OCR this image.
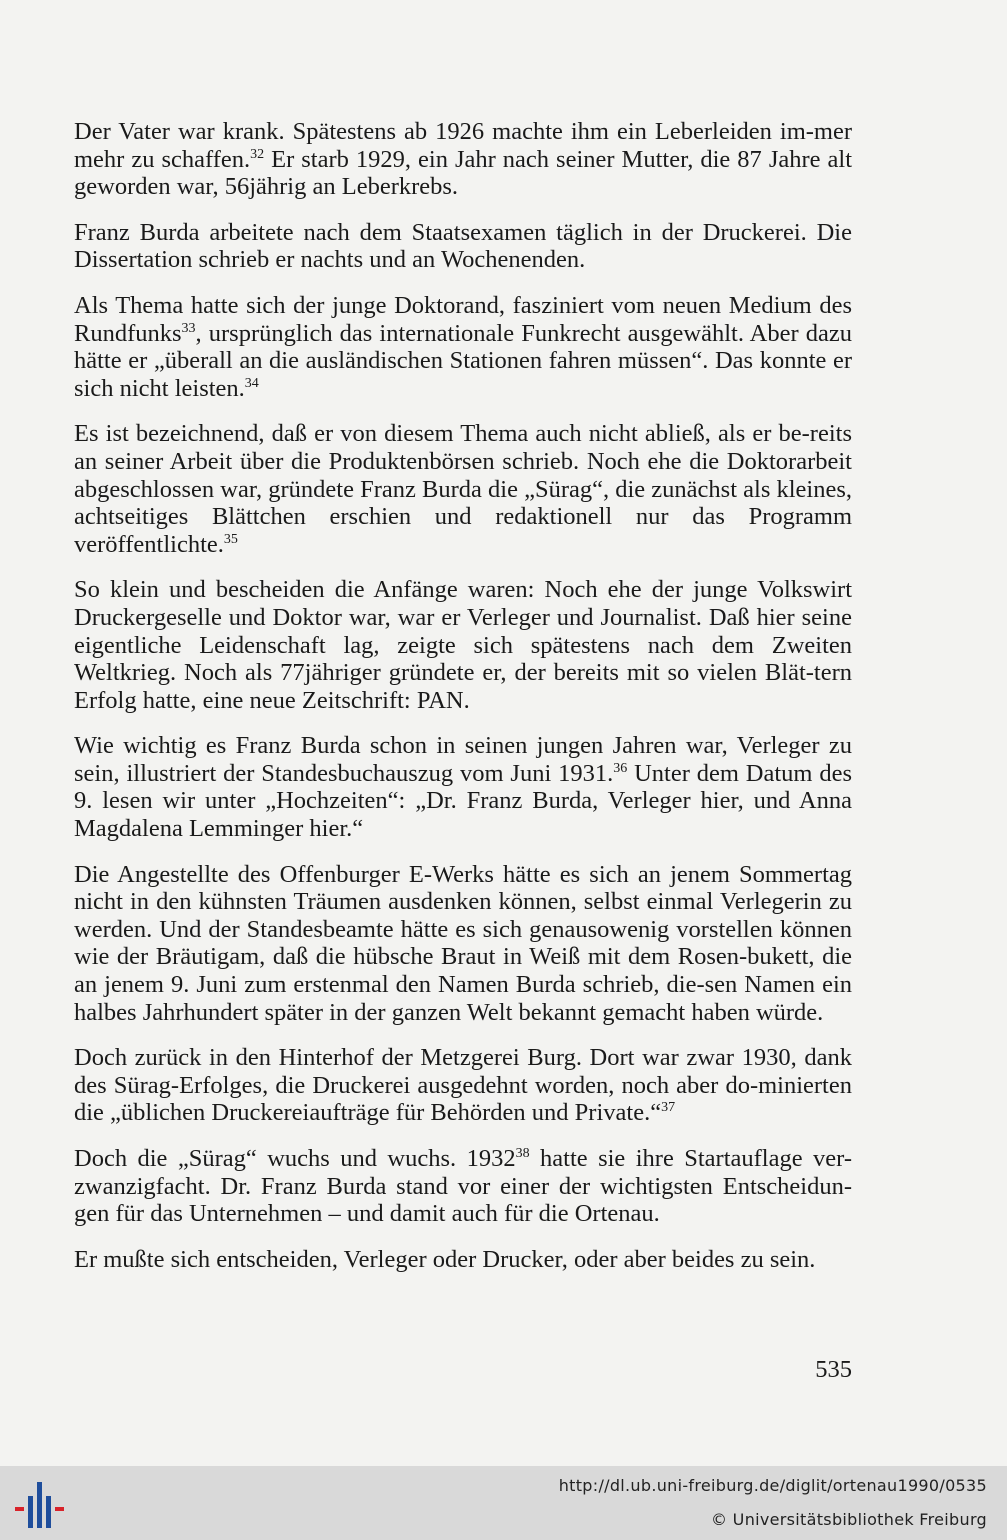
Der Vater war krank. Spätestens ab 1926 machte ihm ein Leberleiden im-mer mehr zu schaffen.$^{32}$ Er starb 1929, ein Jahr nach seiner Mutter, die 87 Jahre alt geworden war, 56jährig an Leberkrebs.

Franz Burda arbeitete nach dem Staatsexamen täglich in der Druckerei. Die Dissertation schrieb er nachts und an Wochenenden.

Als Thema hatte sich der junge Doktorand, fasziniert vom neuen Medium des Rundfunks$^{33}$, ursprünglich das internationale Funkrecht ausgewählt. Aber dazu hätte er „überall an die ausländischen Stationen fahren müssen“. Das konnte er sich nicht leisten.$^{34}$

Es ist bezeichnend, daß er von diesem Thema auch nicht abließ, als er be-reits an seiner Arbeit über die Produktenbörsen schrieb. Noch ehe die Doktorarbeit abgeschlossen war, gründete Franz Burda die „Sürag“, die zunächst als kleines, achtseitiges Blättchen erschien und redaktionell nur das Programm veröffentlichte.$^{35}$

So klein und bescheiden die Anfänge waren: Noch ehe der junge Volkswirt Druckergeselle und Doktor war, war er Verleger und Journalist. Daß hier seine eigentliche Leidenschaft lag, zeigte sich spätestens nach dem Zweiten Weltkrieg. Noch als 77jähriger gründete er, der bereits mit so vielen Blät-tern Erfolg hatte, eine neue Zeitschrift: PAN.

Wie wichtig es Franz Burda schon in seinen jungen Jahren war, Verleger zu sein, illustriert der Standesbuchauszug vom Juni 1931.36 Unter dem Datum des 9. lesen wir unter „Hochzeiten“: „Dr. Franz Burda, Verleger hier, und Anna Magdalena Lemminger hier.“

Die Angestellte des Offenburger E-Werks hätte es sich an jenem Sommertag nicht in den kühnsten Träumen ausdenken können, selbst einmal Verlegerin zu werden. Und der Standesbeamte hätte es sich genausowenig vorstellen können wie der Bräutigam, daß die hübsche Braut in Weiß mit dem Rosen-bukett, die an jenem 9. Juni zum erstenmal den Namen Burda schrieb, die-sen Namen ein halbes Jahrhundert später in der ganzen Welt bekannt gemacht haben würde.

Doch zurück in den Hinterhof der Metzgerei Burg. Dort war zwar 1930, dank des Sürag-Erfolges, die Druckerei ausgedehnt worden, noch aber do-minierten die „üblichen Druckereiaufträge für Behörden und Private.“$^{37}$

Doch die „Sürag“ wuchs und wuchs. 1932$^{38}$ hatte sie ihre Startauflage ver-zwanzigfacht. Dr. Franz Burda stand vor einer der wichtigsten Entscheidun-gen für das Unternehmen – und damit auch für die Ortenau.

Er mußte sich entscheiden, Verleger oder Drucker, oder aber beides zu sein.

535
http://dl.ub.uni-freiburg.de/diglit/ortenau1990/0535
© Universitätsbibliothek Freiburg
